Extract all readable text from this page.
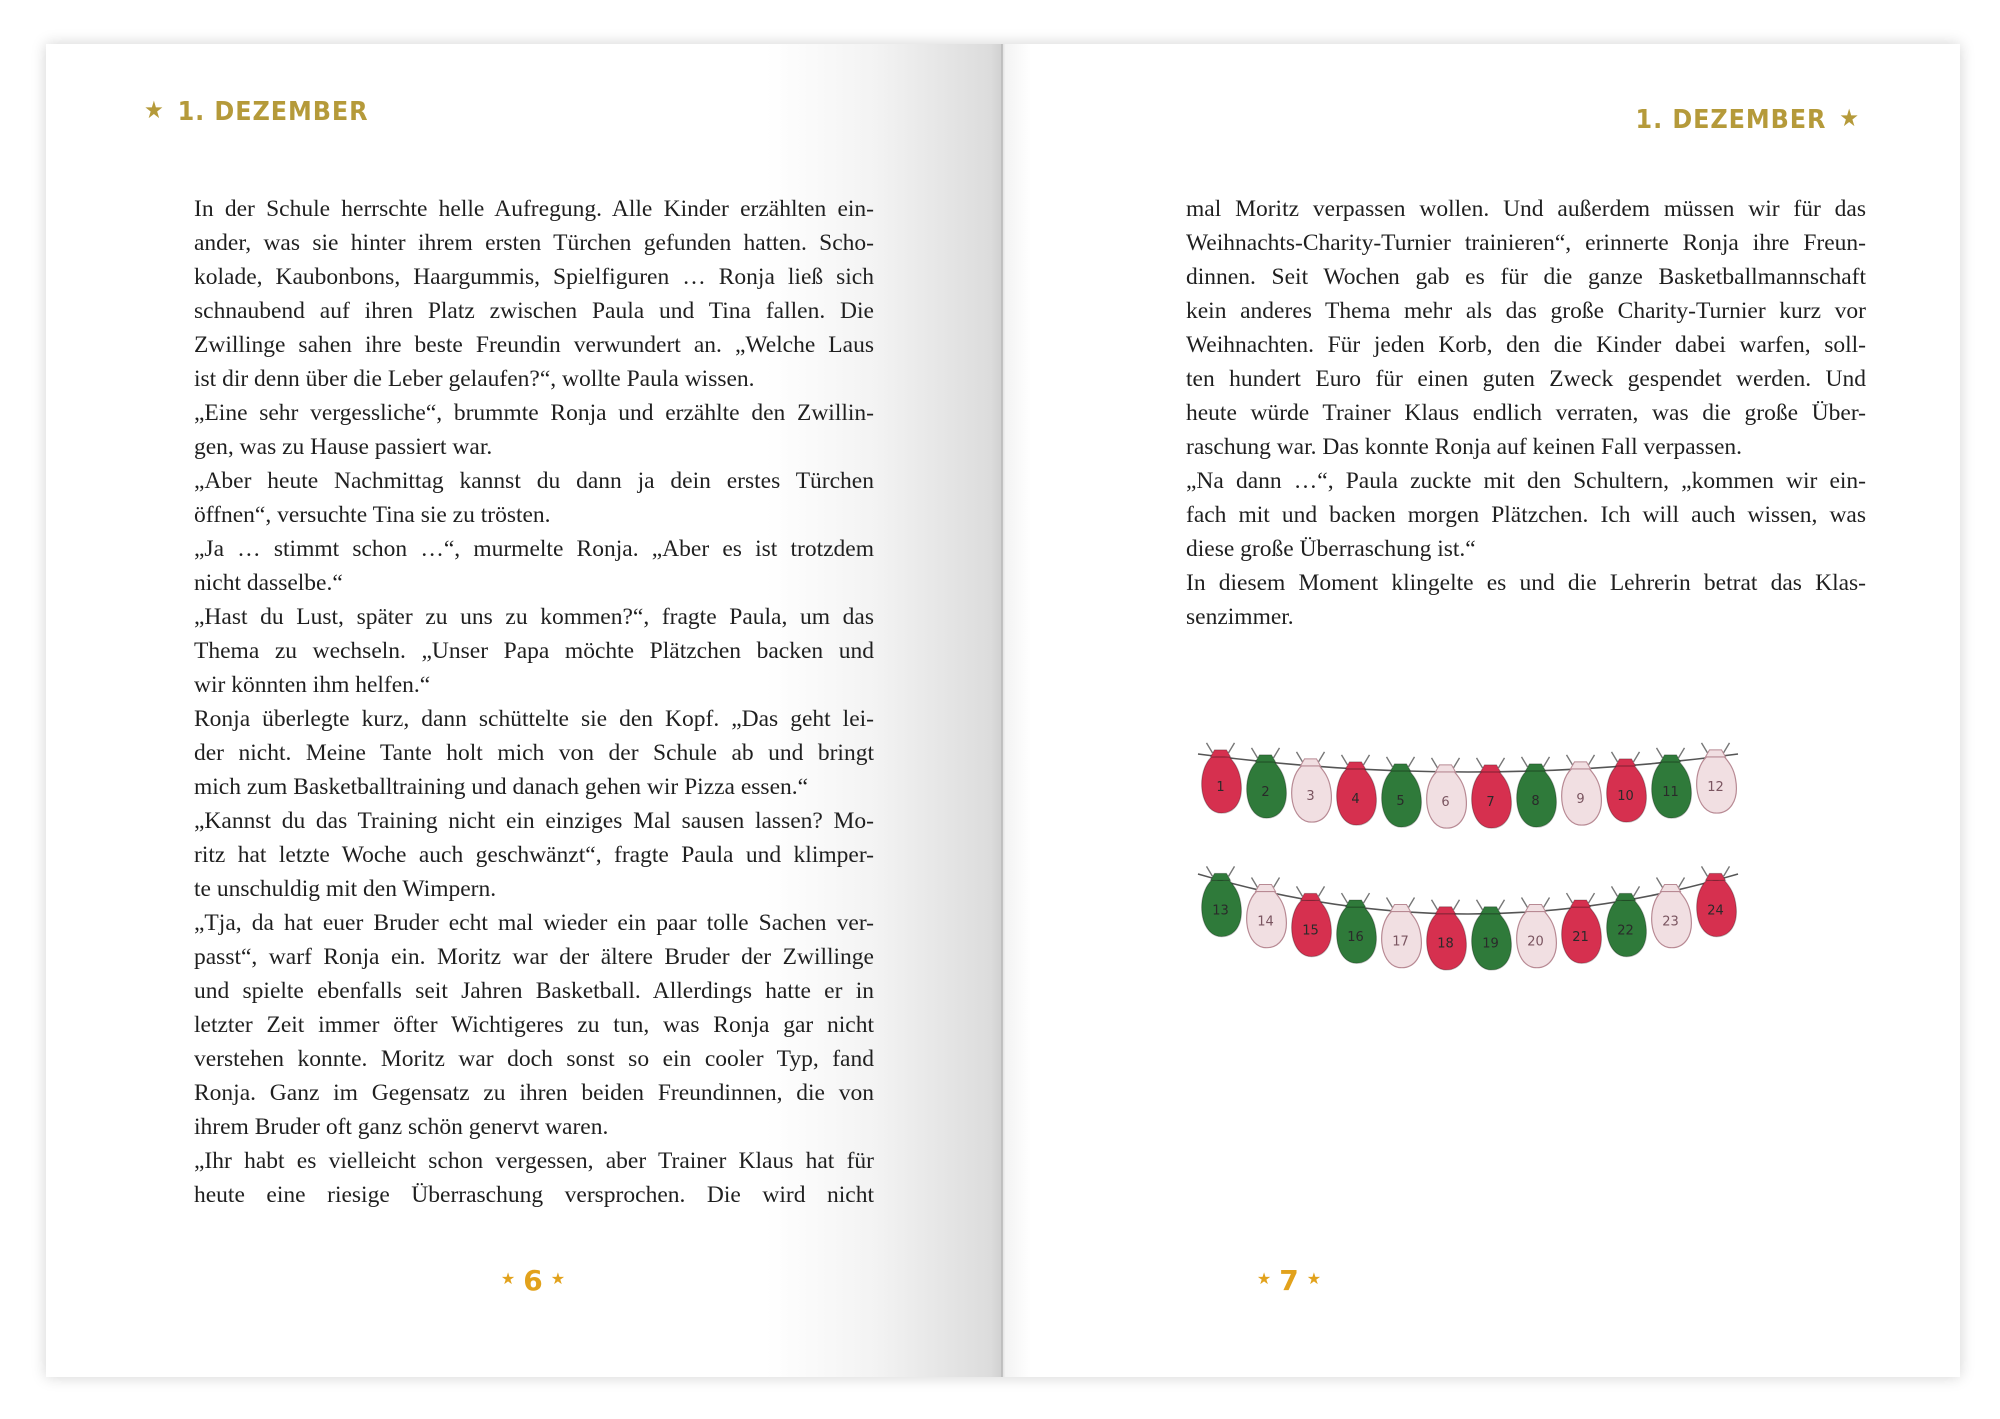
★ 1. DEZEMBER
In der Schule herrschte helle Aufregung. Alle Kinder erzählten ein-
ander, was sie hinter ihrem ersten Türchen gefunden hatten. Scho-
kolade, Kaubonbons, Haargummis, Spielfiguren … Ronja ließ sich
schnaubend auf ihren Platz zwischen Paula und Tina fallen. Die
Zwillinge sahen ihre beste Freundin verwundert an. „Welche Laus
ist dir denn über die Leber gelaufen?“, wollte Paula wissen.
„Eine sehr vergessliche“, brummte Ronja und erzählte den Zwillin-
gen, was zu Hause passiert war.
„Aber heute Nachmittag kannst du dann ja dein erstes Türchen
öffnen“, versuchte Tina sie zu trösten.
„Ja … stimmt schon …“, murmelte Ronja. „Aber es ist trotzdem
nicht dasselbe.“
„Hast du Lust, später zu uns zu kommen?“, fragte Paula, um das
Thema zu wechseln. „Unser Papa möchte Plätzchen backen und
wir könnten ihm helfen.“
Ronja überlegte kurz, dann schüttelte sie den Kopf. „Das geht lei-
der nicht. Meine Tante holt mich von der Schule ab und bringt
mich zum Basketballtraining und danach gehen wir Pizza essen.“
„Kannst du das Training nicht ein einziges Mal sausen lassen? Mo-
ritz hat letzte Woche auch geschwänzt“, fragte Paula und klimper-
te unschuldig mit den Wimpern.
„Tja, da hat euer Bruder echt mal wieder ein paar tolle Sachen ver-
passt“, warf Ronja ein. Moritz war der ältere Bruder der Zwillinge
und spielte ebenfalls seit Jahren Basketball. Allerdings hatte er in
letzter Zeit immer öfter Wichtigeres zu tun, was Ronja gar nicht
verstehen konnte. Moritz war doch sonst so ein cooler Typ, fand
Ronja. Ganz im Gegensatz zu ihren beiden Freundinnen, die von
ihrem Bruder oft ganz schön genervt waren.
„Ihr habt es vielleicht schon vergessen, aber Trainer Klaus hat für
heute eine riesige Überraschung versprochen. Die wird nicht
★ 6 ★
1. DEZEMBER ★
mal Moritz verpassen wollen. Und außerdem müssen wir für das
Weihnachts-Charity-Turnier trainieren“, erinnerte Ronja ihre Freun-
dinnen. Seit Wochen gab es für die ganze Basketballmannschaft
kein anderes Thema mehr als das große Charity-Turnier kurz vor
Weihnachten. Für jeden Korb, den die Kinder dabei warfen, soll-
ten hundert Euro für einen guten Zweck gespendet werden. Und
heute würde Trainer Klaus endlich verraten, was die große Über-
raschung war. Das konnte Ronja auf keinen Fall verpassen.
„Na dann …“, Paula zuckte mit den Schultern, „kommen wir ein-
fach mit und backen morgen Plätzchen. Ich will auch wissen, was
diese große Überraschung ist.“
In diesem Moment klingelte es und die Lehrerin betrat das Klas-
senzimmer.
1	2	3	4	5	6	7	8	9	10 11 12
13
14
15 16 17 18 19 20 21 22
23
24
★ 7 ★
